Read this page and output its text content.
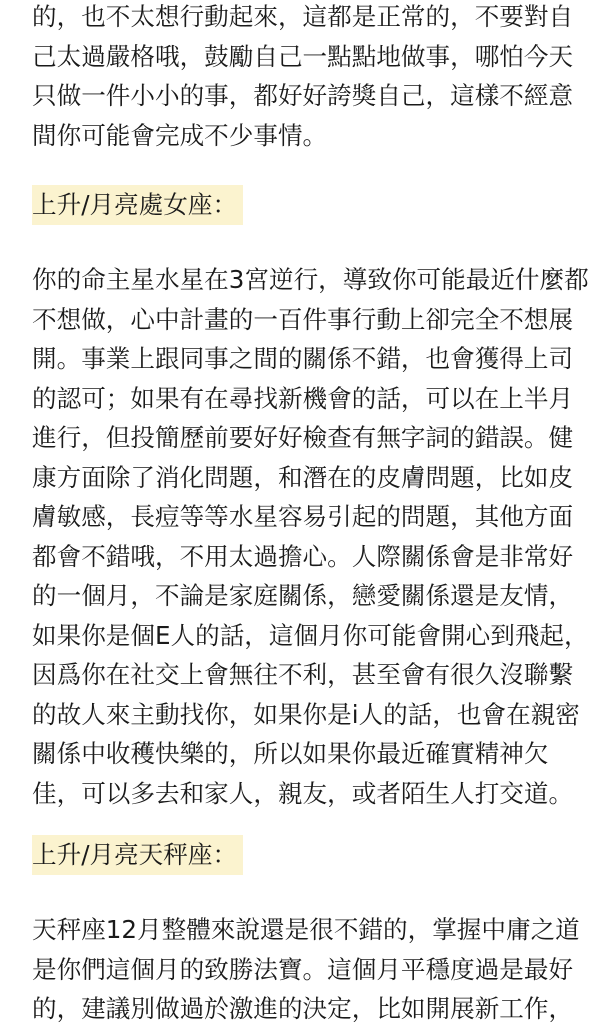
的，也不太想行動起來，這都是正常的，不要對自
己太過嚴格哦，鼓勵自己一點點地做事，哪怕今天
只做一件小小的事，都好好誇獎自己，這樣不經意
間你可能會完成不少事情。

上升/月亮處女座：

你的命主星水星在3宮逆行，導致你可能最近什麼都
不想做，心中計畫的一百件事行動上卻完全不想展
開。事業上跟同事之間的關係不錯，也會獲得上司
的認可；如果有在尋找新機會的話，可以在上半月
進行，但投簡歷前要好好檢查有無字詞的錯誤。健
康方面除了消化問題，和潛在的皮膚問題，比如皮
膚敏感，長痘等等水星容易引起的問題，其他方面
都會不錯哦，不用太過擔心。人際關係會是非常好
的一個月，不論是家庭關係，戀愛關係還是友情，
如果你是個E人的話，這個月你可能會開心到飛起，
因爲你在社交上會無往不利，甚至會有很久沒聯繫
的故人來主動找你，如果你是i人的話，也會在親密
關係中收穫快樂的，所以如果你最近確實精神欠
佳，可以多去和家人，親友，或者陌生人打交道。

上升/月亮天秤座：

天秤座12月整體來說還是很不錯的，掌握中庸之道
是你們這個月的致勝法寶。這個月平穩度過是最好
的，建議別做過於激進的決定，比如開展新工作，
